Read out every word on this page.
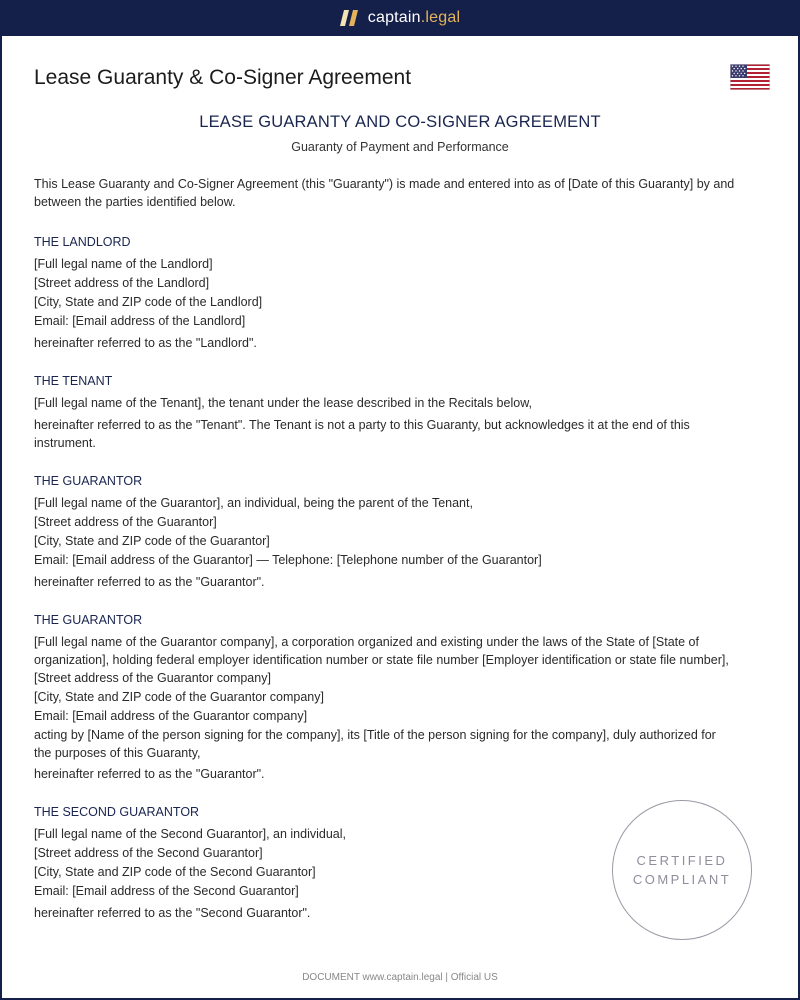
captain.legal
Lease Guaranty & Co-Signer Agreement
LEASE GUARANTY AND CO-SIGNER AGREEMENT
Guaranty of Payment and Performance

This Lease Guaranty and Co-Signer Agreement (this "Guaranty") is made and entered into as of [Date of this Guaranty] by and between the parties identified below.

THE LANDLORD
[Full legal name of the Landlord]
[Street address of the Landlord]
[City, State and ZIP code of the Landlord]
Email: [Email address of the Landlord]

hereinafter referred to as the "Landlord".

THE TENANT
[Full legal name of the Tenant], the tenant under the lease described in the Recitals below,

hereinafter referred to as the "Tenant". The Tenant is not a party to this Guaranty, but acknowledges it at the end of this instrument.

THE GUARANTOR
[Full legal name of the Guarantor], an individual, being the parent of the Tenant,
[Street address of the Guarantor]
[City, State and ZIP code of the Guarantor]
Email: [Email address of the Guarantor] — Telephone: [Telephone number of the Guarantor]

hereinafter referred to as the "Guarantor".

THE GUARANTOR
[Full legal name of the Guarantor company], a corporation organized and existing under the laws of the State of [State of organization], holding federal employer identification number or state file number [Employer identification or state file number],
[Street address of the Guarantor company]
[City, State and ZIP code of the Guarantor company]
Email: [Email address of the Guarantor company]
acting by [Name of the person signing for the company], its [Title of the person signing for the company], duly authorized for the purposes of this Guaranty,

hereinafter referred to as the "Guarantor".

THE SECOND GUARANTOR
[Full legal name of the Second Guarantor], an individual,
[Street address of the Second Guarantor]
[City, State and ZIP code of the Second Guarantor]
Email: [Email address of the Second Guarantor]

hereinafter referred to as the "Second Guarantor".

CERTIFIED
COMPLIANT
DOCUMENT www.captain.legal | Official US
